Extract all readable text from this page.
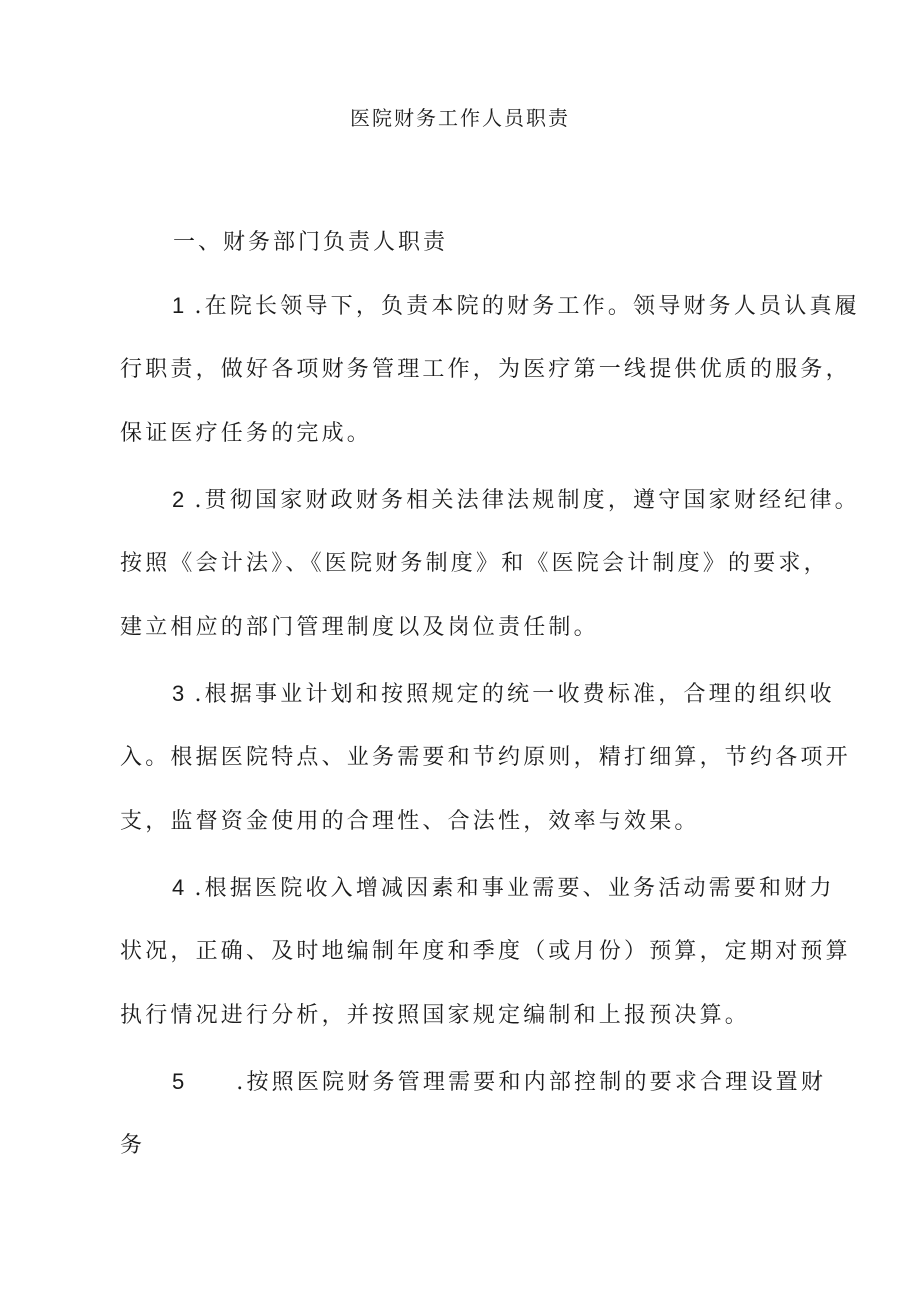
医院财务工作人员职责
一、财务部门负责人职责
1 .在院长领导下，负责本院的财务工作。领导财务人员认真履
行职责，做好各项财务管理工作，为医疗第一线提供优质的服务，
保证医疗任务的完成。
2 .贯彻国家财政财务相关法律法规制度，遵守国家财经纪律。
按照《会计法》、《医院财务制度》和《医院会计制度》的要求，
建立相应的部门管理制度以及岗位责任制。
3 .根据事业计划和按照规定的统一收费标准，合理的组织收
入。根据医院特点、业务需要和节约原则，精打细算，节约各项开
支，监督资金使用的合理性、合法性，效率与效果。
4 .根据医院收入增减因素和事业需要、业务活动需要和财力
状况，正确、及时地编制年度和季度（或月份）预算，定期对预算
执行情况进行分析，并按照国家规定编制和上报预决算。
5 .按照医院财务管理需要和内部控制的要求合理设置财
务
